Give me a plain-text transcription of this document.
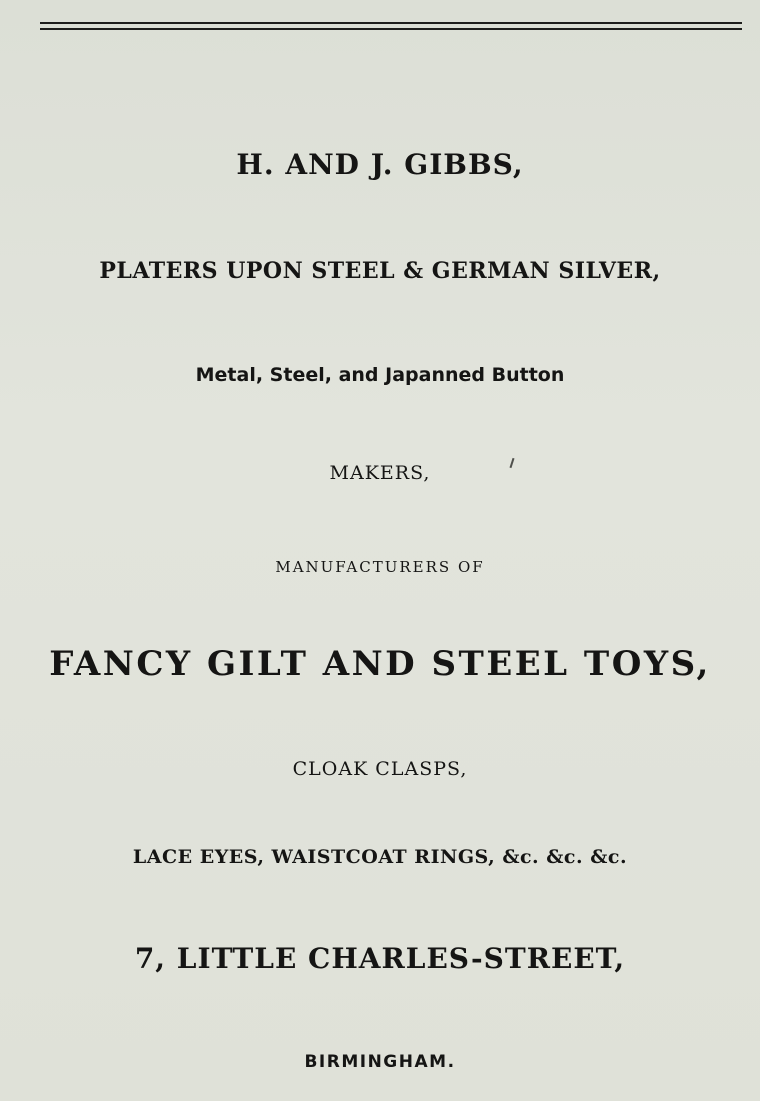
H. AND J. GIBBS,
PLATERS UPON STEEL & GERMAN SILVER,
Metal, Steel, and Japanned Button
MAKERS,
MANUFACTURERS OF
FANCY GILT AND STEEL TOYS,
CLOAK CLASPS,
LACE EYES, WAISTCOAT RINGS, &c. &c. &c.
7, LITTLE CHARLES-STREET,
BIRMINGHAM.
